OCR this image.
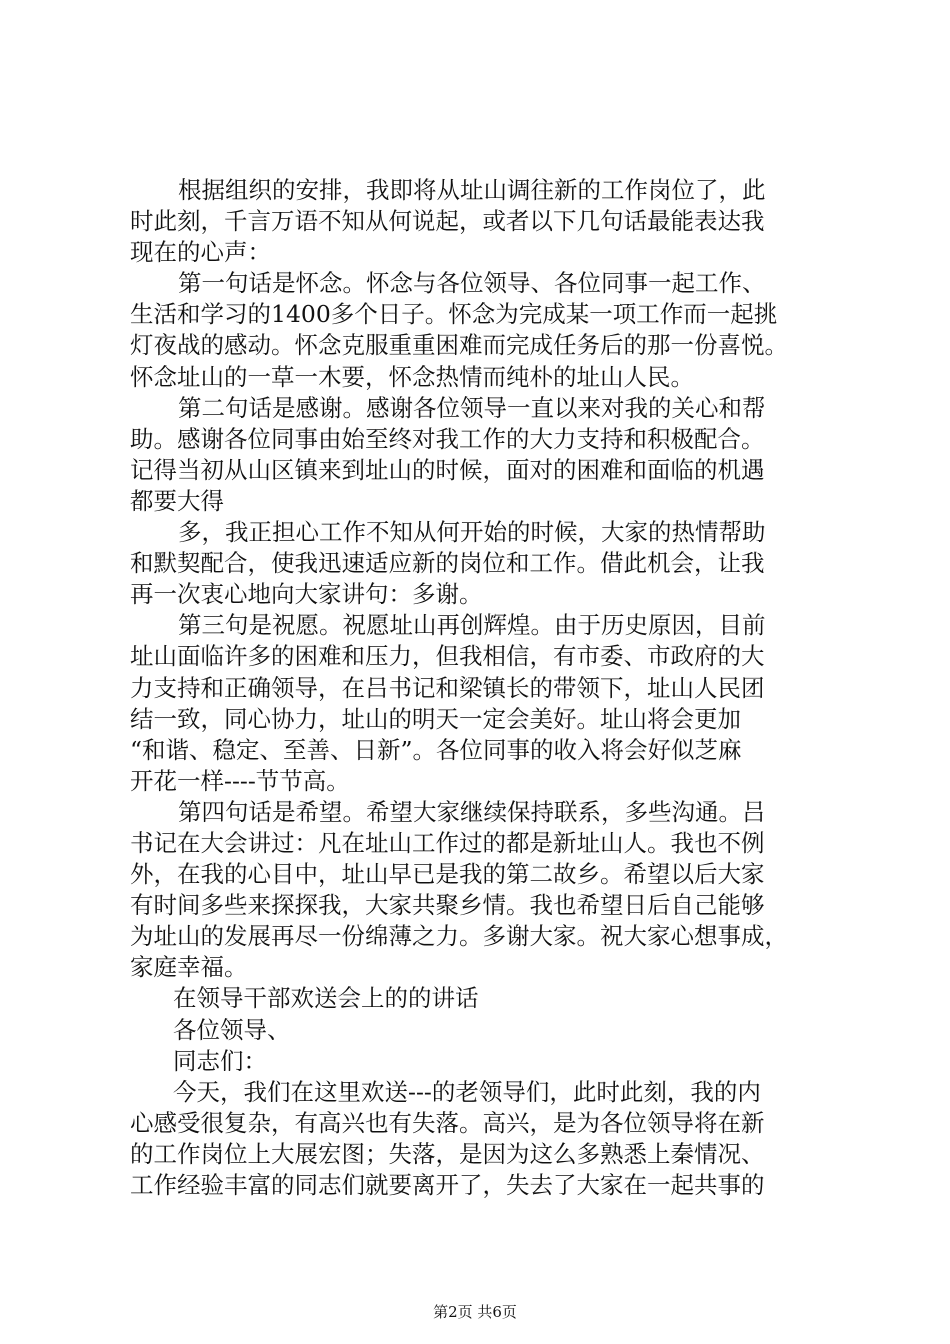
根据组织的安排，我即将从址山调往新的工作岗位了，此
时此刻，千言万语不知从何说起，或者以下几句话最能表达我
现在的心声：
第一句话是怀念。怀念与各位领导、各位同事一起工作、
生活和学习的1400多个日子。怀念为完成某一项工作而一起挑
灯夜战的感动。怀念克服重重困难而完成任务后的那一份喜悦。
怀念址山的一草一木要，怀念热情而纯朴的址山人民。
第二句话是感谢。感谢各位领导一直以来对我的关心和帮
助。感谢各位同事由始至终对我工作的大力支持和积极配合。
记得当初从山区镇来到址山的时候，面对的困难和面临的机遇
都要大得
多，我正担心工作不知从何开始的时候，大家的热情帮助
和默契配合，使我迅速适应新的岗位和工作。借此机会，让我
再一次衷心地向大家讲句：多谢。
第三句是祝愿。祝愿址山再创辉煌。由于历史原因，目前
址山面临许多的困难和压力，但我相信，有市委、市政府的大
力支持和正确领导，在吕书记和梁镇长的带领下，址山人民团
结一致，同心协力，址山的明天一定会美好。址山将会更加
“和谐、稳定、至善、日新”。各位同事的收入将会好似芝麻
开花一样----节节高。
第四句话是希望。希望大家继续保持联系，多些沟通。吕
书记在大会讲过：凡在址山工作过的都是新址山人。我也不例
外，在我的心目中，址山早已是我的第二故乡。希望以后大家
有时间多些来探探我，大家共聚乡情。我也希望日后自己能够
为址山的发展再尽一份绵薄之力。多谢大家。祝大家心想事成，
家庭幸福。
在领导干部欢送会上的的讲话
各位领导、
同志们：
今天，我们在这里欢送---的老领导们，此时此刻，我的内
心感受很复杂，有高兴也有失落。高兴，是为各位领导将在新
的工作岗位上大展宏图；失落，是因为这么多熟悉上秦情况、
工作经验丰富的同志们就要离开了，失去了大家在一起共事的
第2页 共6页
